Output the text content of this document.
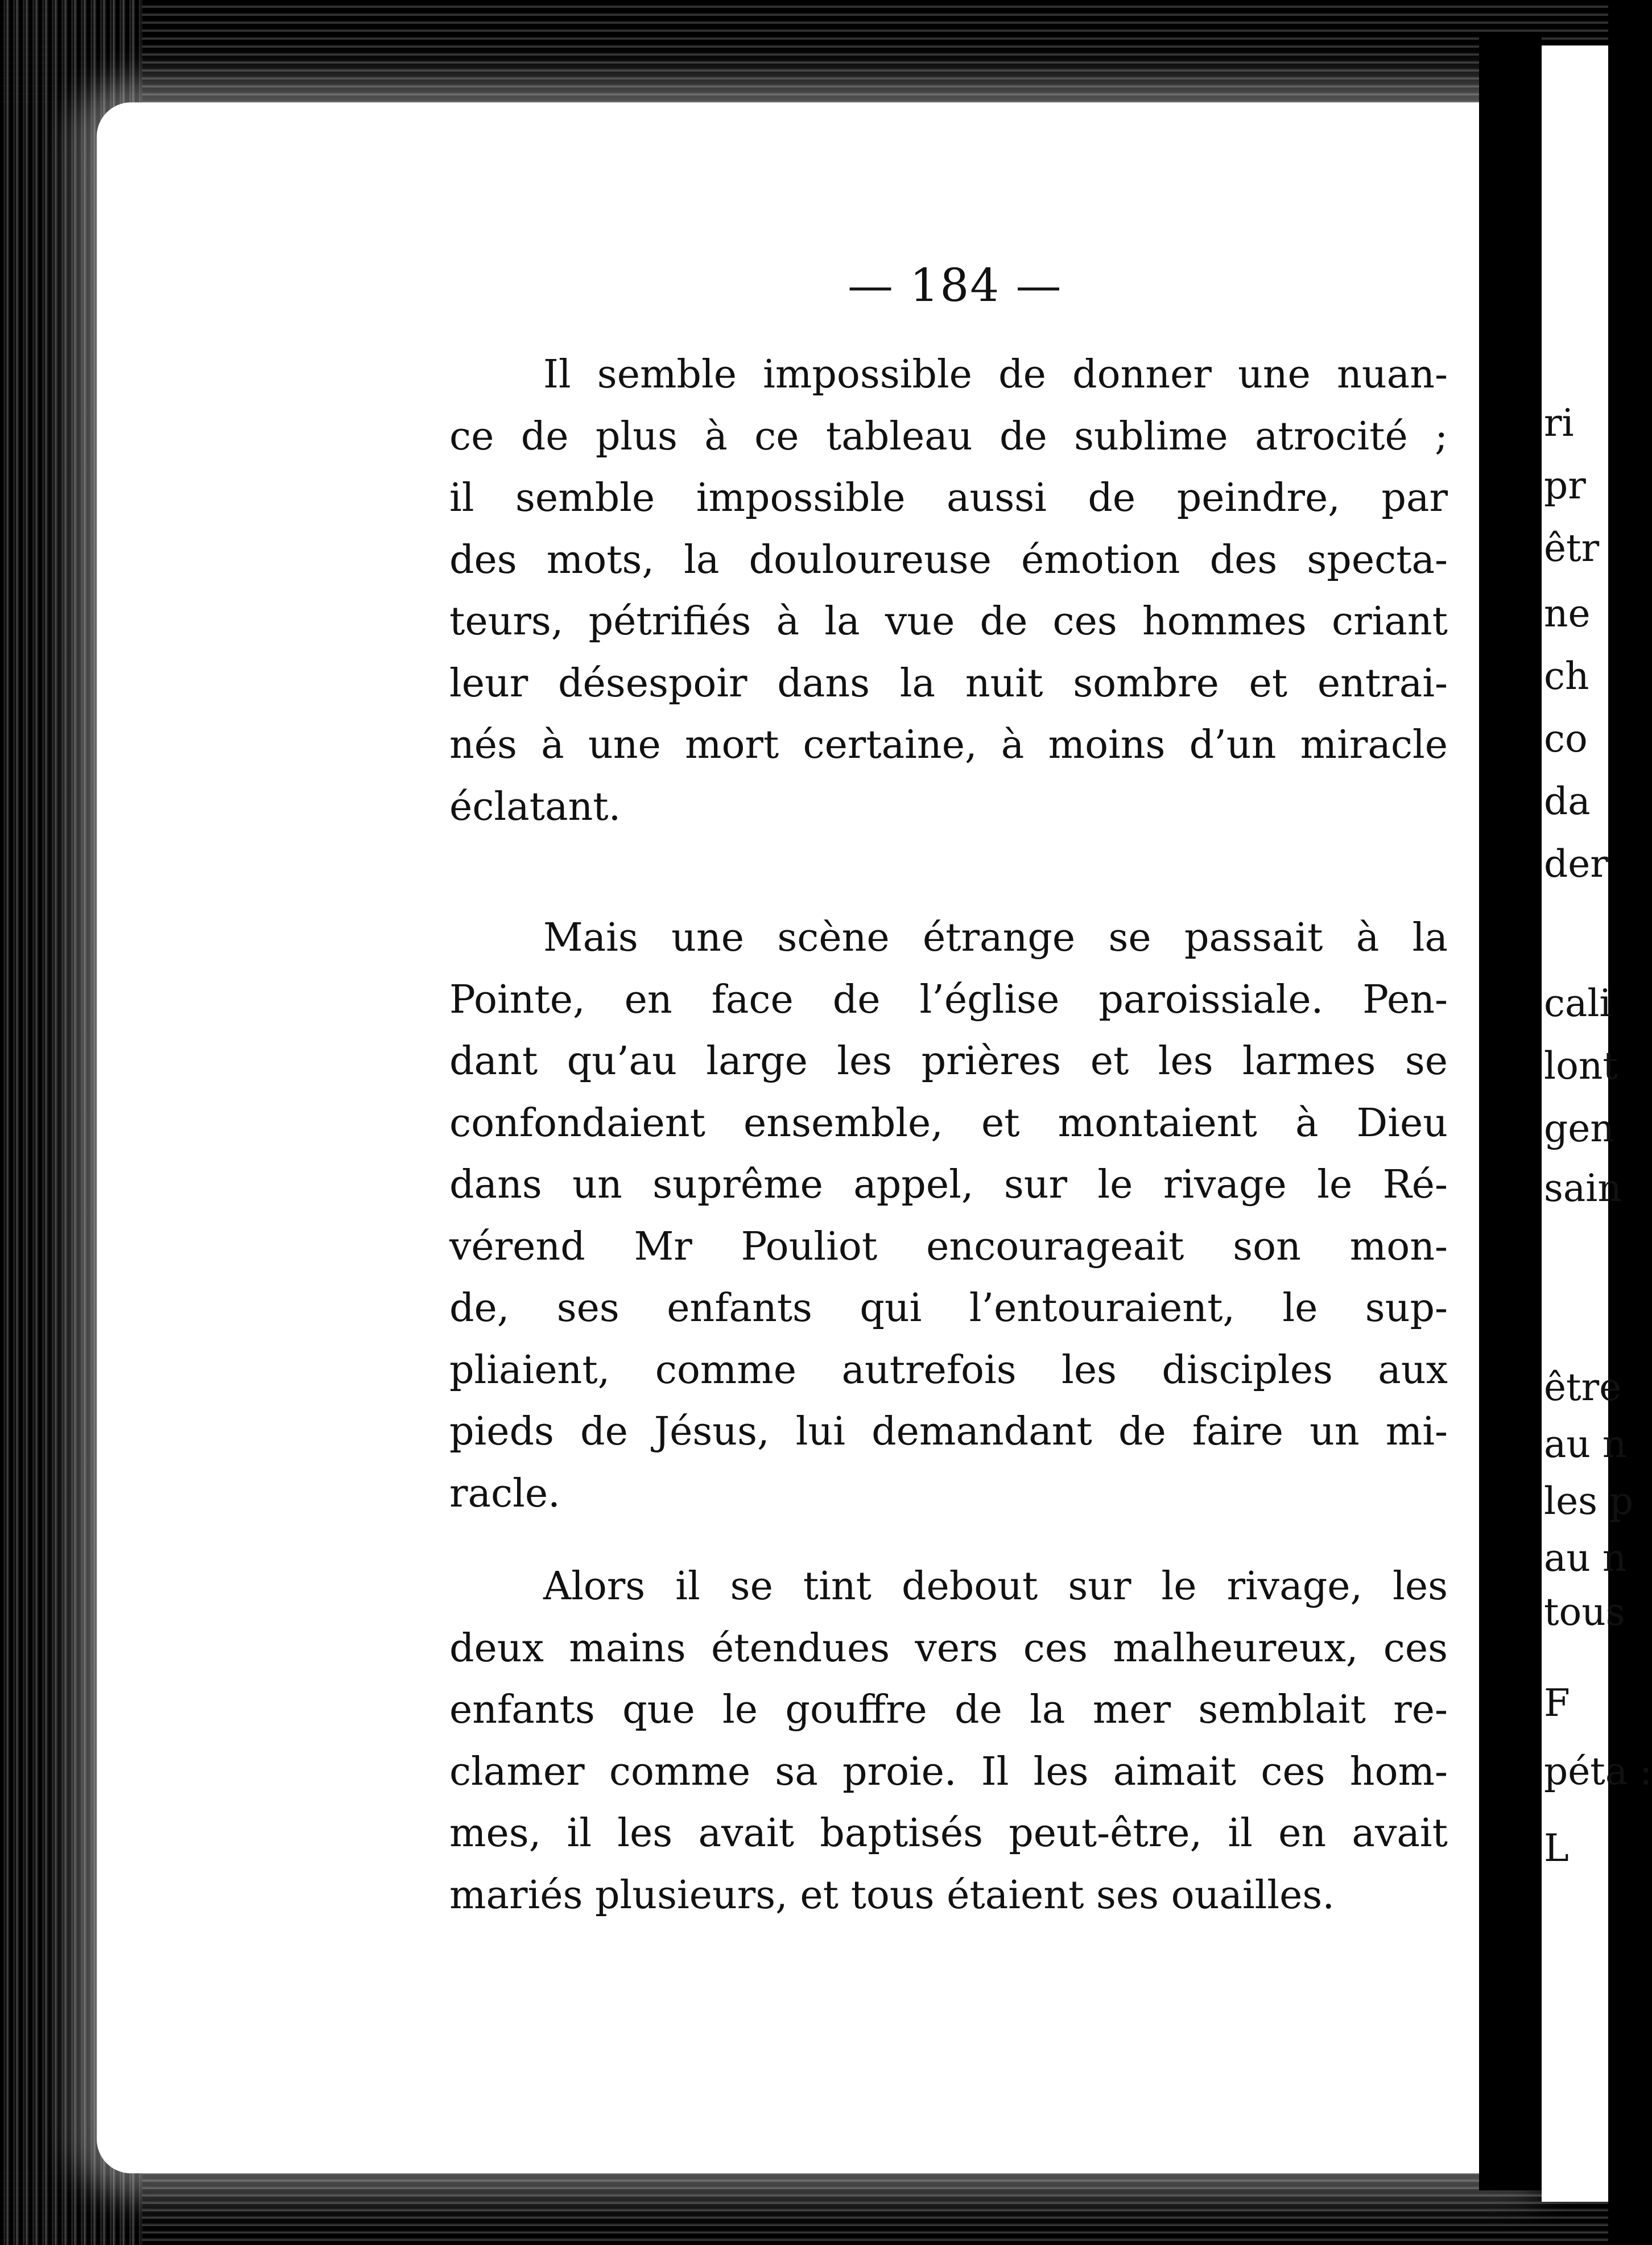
ri
pr
êtr
ne
ch
co
da
der
cali
lont
gen
sain
être
au n
les p
au n
tous
F
péta :
L
— 184 —
Il semble impossible de donner une nuan-
ce de plus à ce tableau de sublime atrocité ;
il semble impossible aussi de peindre, par
des mots, la douloureuse émotion des specta-
teurs, pétrifiés à la vue de ces hommes criant
leur désespoir dans la nuit sombre et entrai-
nés à une mort certaine, à moins d’un miracle
éclatant.
Mais une scène étrange se passait à la
Pointe, en face de l’église paroissiale. Pen-
dant qu’au large les prières et les larmes se
confondaient ensemble, et montaient à Dieu
dans un suprême appel, sur le rivage le Ré-
vérend Mr Pouliot encourageait son mon-
de, ses enfants qui l’entouraient, le sup-
pliaient, comme autrefois les disciples aux
pieds de Jésus, lui demandant de faire un mi-
racle.
Alors il se tint debout sur le rivage, les
deux mains étendues vers ces malheureux, ces
enfants que le gouffre de la mer semblait re-
clamer comme sa proie. Il les aimait ces hom-
mes, il les avait baptisés peut-être, il en avait
mariés plusieurs, et tous étaient ses ouailles.
